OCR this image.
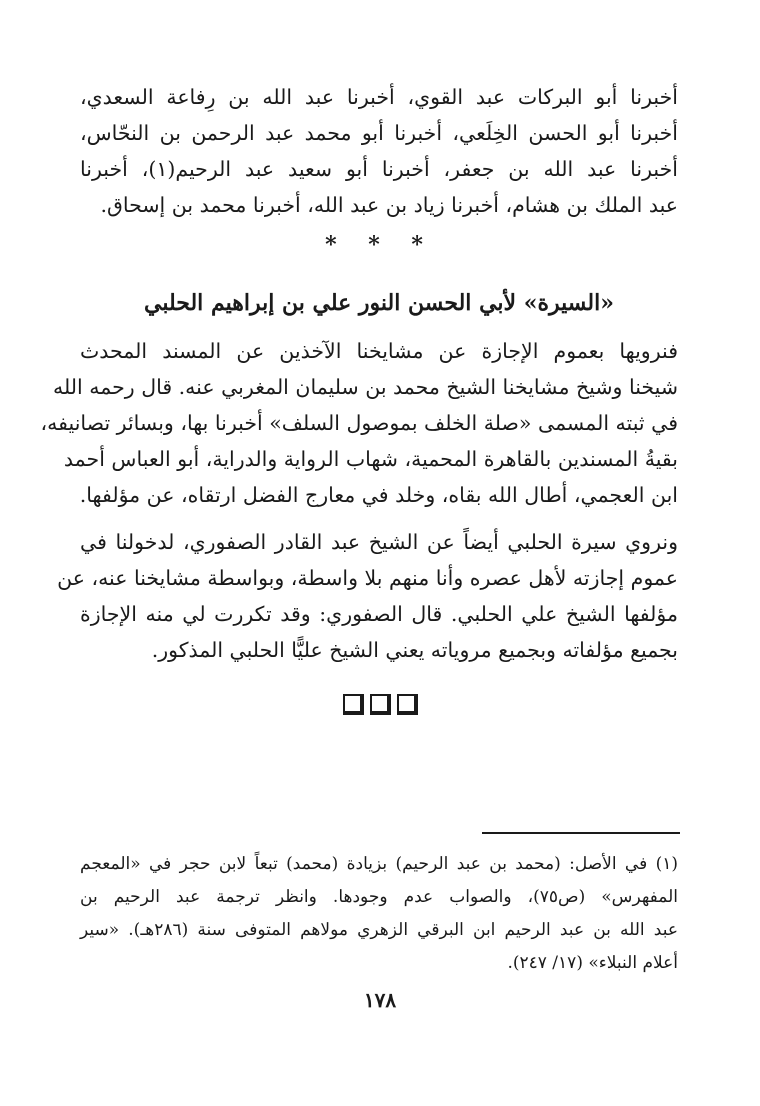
أخبرنا أبو البركات عبد القوي، أخبرنا عبد الله بن رِفاعة السعدي،
أخبرنا أبو الحسن الخِلَعي، أخبرنا أبو محمد عبد الرحمن بن النحّاس،
أخبرنا عبد الله بن جعفر، أخبرنا أبو سعيد عبد الرحيم(١)، أخبرنا
عبد الملك بن هشام، أخبرنا زياد بن عبد الله، أخبرنا محمد بن إسحاق.
* * *
«السيرة» لأبي الحسن النور علي بن إبراهيم الحلبي
فنرويها بعموم الإجازة عن مشايخنا الآخذين عن المسند المحدث
شيخنا وشيخ مشايخنا الشيخ محمد بن سليمان المغربي عنه. قال رحمه الله
في ثبته المسمى «صلة الخلف بموصول السلف» أخبرنا بها، وبسائر تصانيفه،
بقيةُ المسندين بالقاهرة المحمية، شهاب الرواية والدراية، أبو العباس أحمد
ابن العجمي، أطال الله بقاه، وخلد في معارج الفضل ارتقاه، عن مؤلفها.
ونروي سيرة الحلبي أيضاً عن الشيخ عبد القادر الصفوري، لدخولنا في
عموم إجازته لأهل عصره وأنا منهم بلا واسطة، وبواسطة مشايخنا عنه، عن
مؤلفها الشيخ علي الحلبي. قال الصفوري: وقد تكررت لي منه الإجازة
بجميع مؤلفاته وبجميع مروياته يعني الشيخ عليًّا الحلبي المذكور.
(١) في الأصل: (محمد بن عبد الرحيم) بزيادة (محمد) تبعاً لابن حجر في «المعجم
المفهرس» (ص٧٥)، والصواب عدم وجودها. وانظر ترجمة عبد الرحيم بن
عبد الله بن عبد الرحيم ابن البرقي الزهري مولاهم المتوفى سنة (٢٨٦هـ). «سير
أعلام النبلاء» (١٧/ ٢٤٧).
١٧٨
